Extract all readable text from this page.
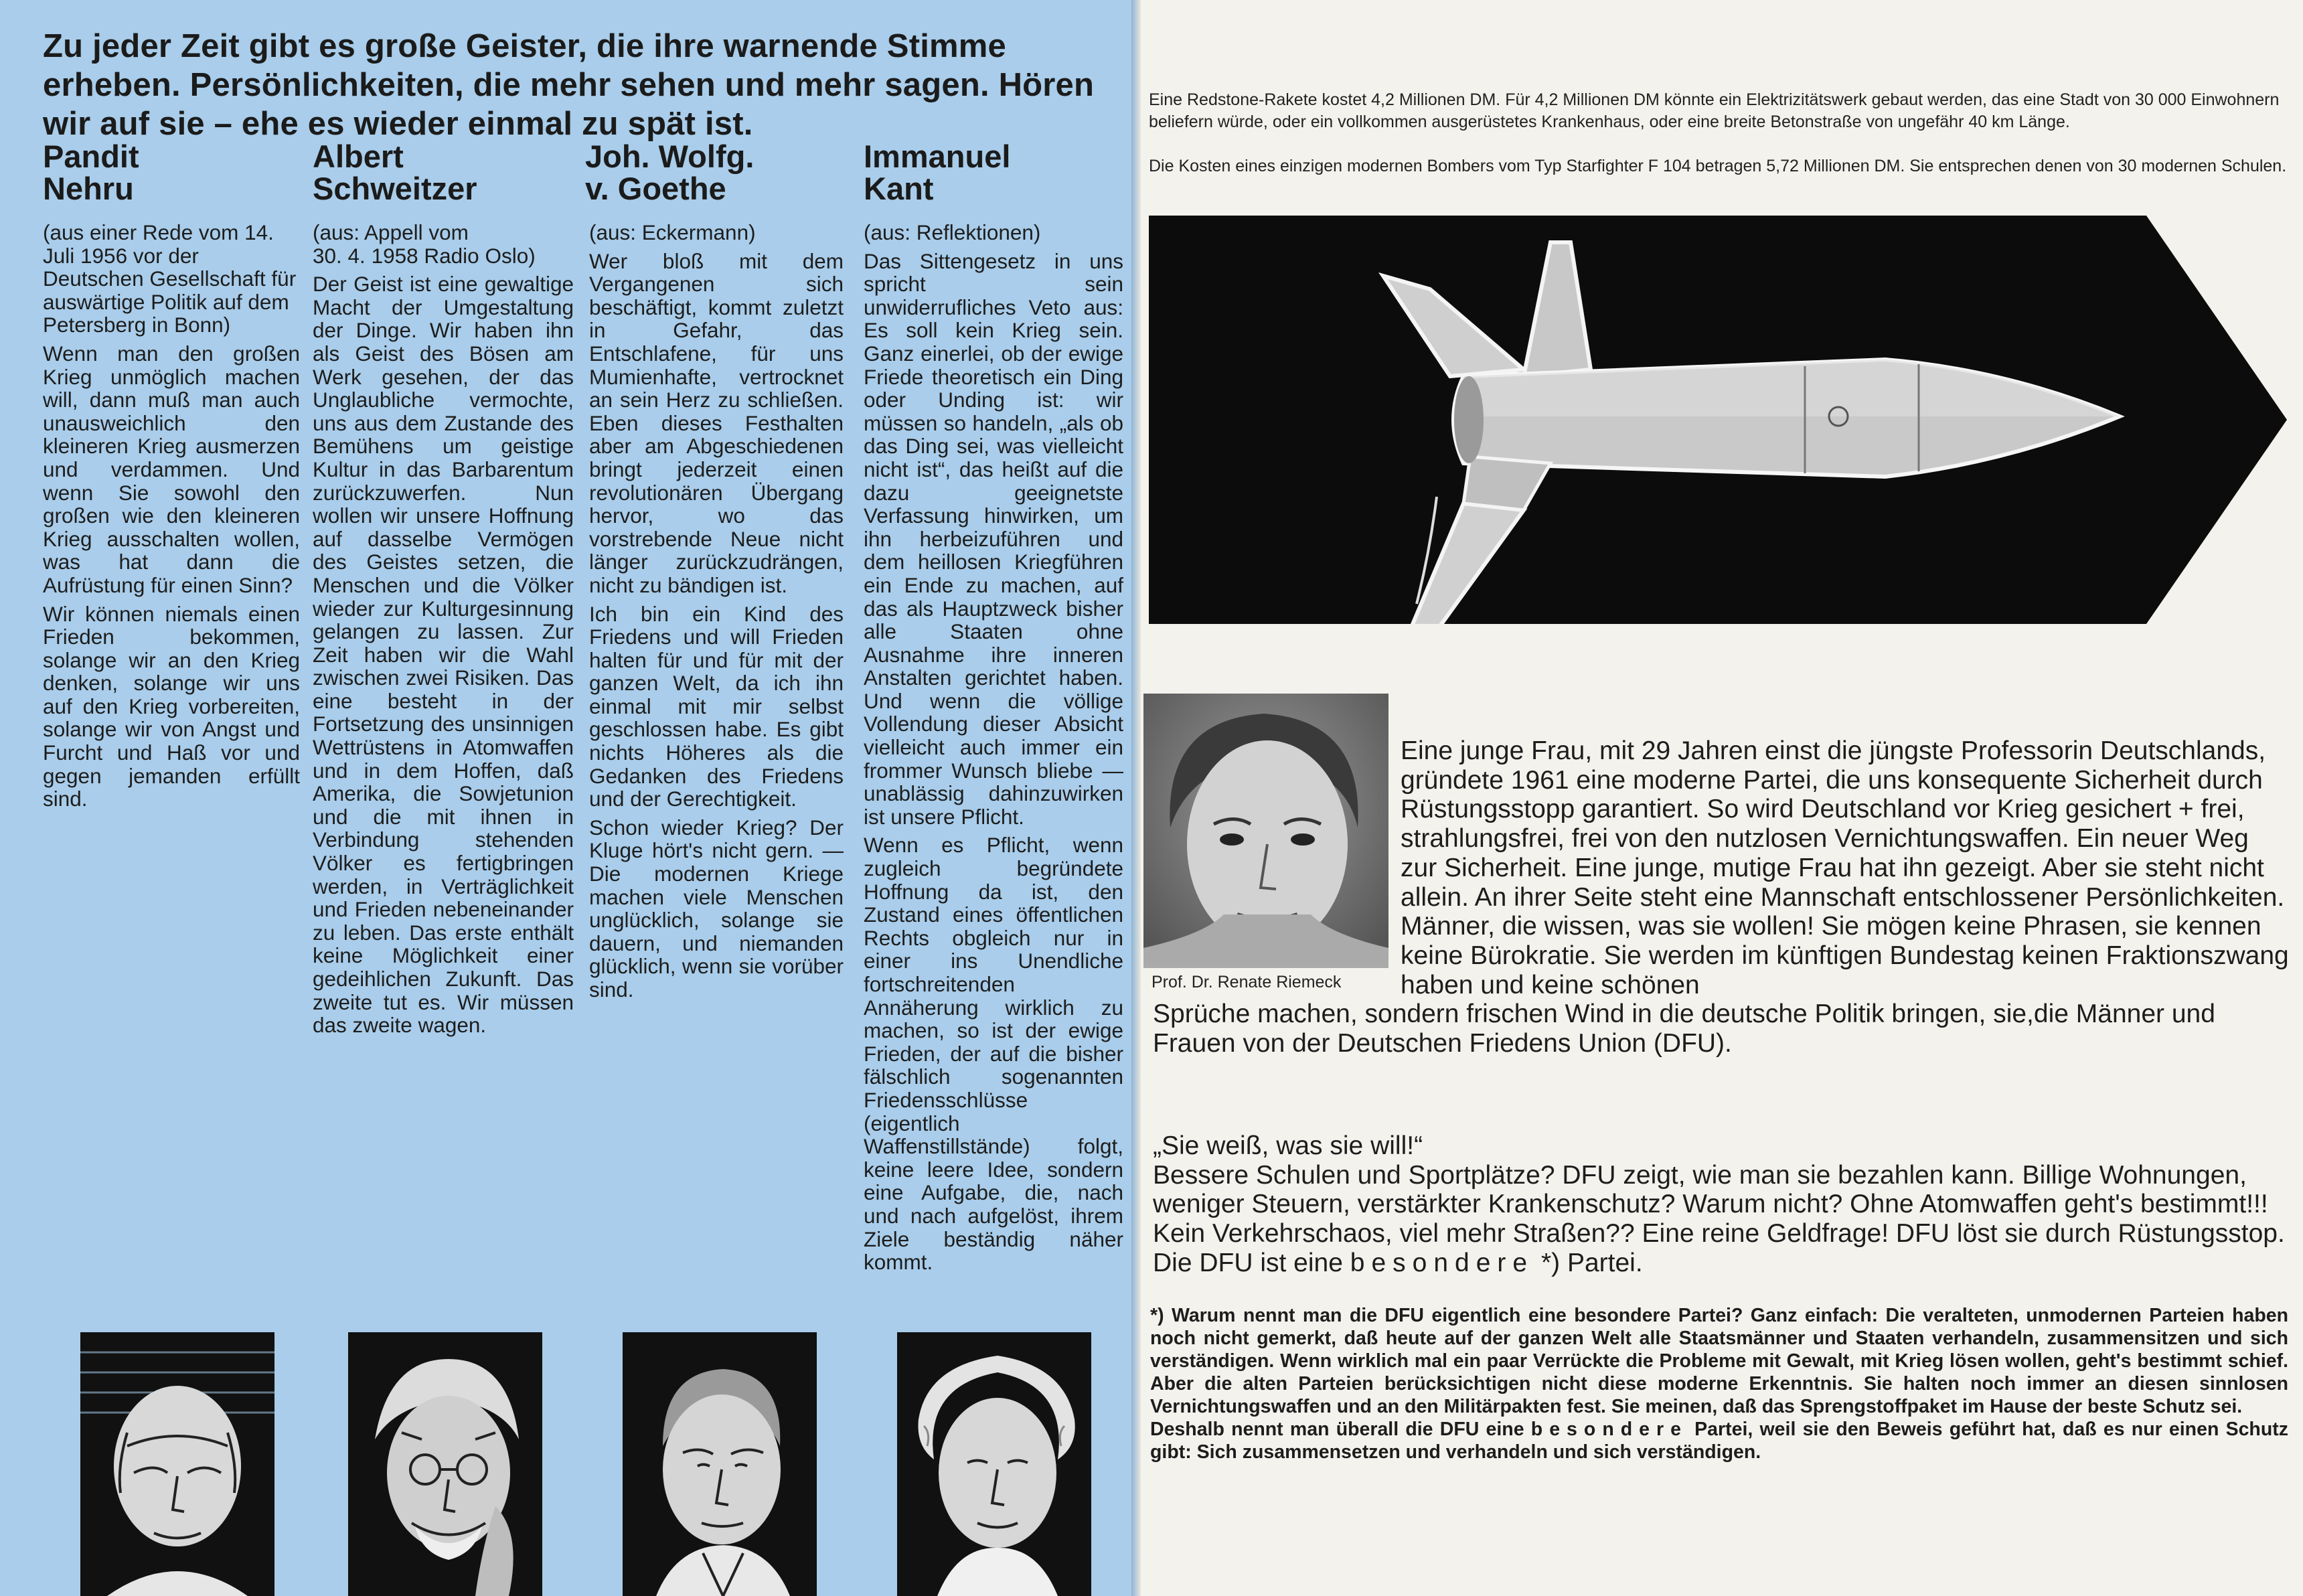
Zu jeder Zeit gibt es große Geister, die ihre warnende Stimme erheben. Persönlichkeiten, die mehr sehen und mehr sagen. Hören wir auf sie – ehe es wieder einmal zu spät ist.
Pandit
Nehru
Albert
Schweitzer
Joh. Wolfg.
v. Goethe
Immanuel
Kant

(aus einer Rede vom 14. Juli 1956 vor der Deutschen Gesellschaft für auswärtige Politik auf dem Petersberg in Bonn)

Wenn man den großen Krieg unmöglich machen will, dann muß man auch unausweichlich den kleineren Krieg ausmerzen und verdammen. Und wenn Sie sowohl den großen wie den kleineren Krieg ausschalten wollen, was hat dann die Aufrüstung für einen Sinn?

Wir können niemals einen Frieden bekommen, solange wir an den Krieg denken, solange wir uns auf den Krieg vorbereiten, solange wir von Angst und Furcht und Haß vor und gegen jemanden erfüllt sind.

(aus: Appell vom
30. 4. 1958 Radio Oslo)

Der Geist ist eine gewaltige Macht der Umgestaltung der Dinge. Wir haben ihn als Geist des Bösen am Werk gesehen, der das Unglaubliche vermochte, uns aus dem Zustande des Bemühens um geistige Kultur in das Barbarentum zurückzuwerfen. Nun wollen wir unsere Hoffnung auf dasselbe Vermögen des Geistes setzen, die Menschen und die Völker wieder zur Kulturgesinnung gelangen zu lassen. Zur Zeit haben wir die Wahl zwischen zwei Risiken. Das eine besteht in der Fortsetzung des unsinnigen Wettrüstens in Atomwaffen und in dem Hoffen, daß Amerika, die Sowjetunion und die mit ihnen in Verbindung stehenden Völker es fertigbringen werden, in Verträglichkeit und Frieden nebeneinander zu leben. Das erste enthält keine Möglichkeit einer gedeihlichen Zukunft. Das zweite tut es. Wir müssen das zweite wagen.

(aus: Eckermann)

Wer bloß mit dem Vergangenen sich beschäftigt, kommt zuletzt in Gefahr, das Entschlafene, für uns Mumienhafte, vertrocknet an sein Herz zu schließen. Eben dieses Festhalten aber am Abgeschiedenen bringt jederzeit einen revolutionären Übergang hervor, wo das vorstrebende Neue nicht länger zurückzudrängen, nicht zu bändigen ist.

Ich bin ein Kind des Friedens und will Frieden halten für und für mit der ganzen Welt, da ich ihn einmal mit mir selbst geschlossen habe. Es gibt nichts Höheres als die Gedanken des Friedens und der Gerechtigkeit.

Schon wieder Krieg? Der Kluge hört's nicht gern. — Die modernen Kriege machen viele Menschen unglücklich, solange sie dauern, und niemanden glücklich, wenn sie vorüber sind.

(aus: Reflektionen)

Das Sittengesetz in uns spricht sein unwiderrufliches Veto aus: Es soll kein Krieg sein. Ganz einerlei, ob der ewige Friede theoretisch ein Ding oder Unding ist: wir müssen so handeln, „als ob das Ding sei, was vielleicht nicht ist“, das heißt auf die dazu geeignetste Verfassung hinwirken, um ihn herbeizuführen und dem heillosen Kriegführen ein Ende zu machen, auf das als Hauptzweck bisher alle Staaten ohne Ausnahme ihre inneren Anstalten gerichtet haben. Und wenn die völlige Vollendung dieser Absicht vielleicht auch immer ein frommer Wunsch bliebe — unablässig dahinzuwirken ist unsere Pflicht.

Wenn es Pflicht, wenn zugleich begründete Hoffnung da ist, den Zustand eines öffentlichen Rechts obgleich nur in einer ins Unendliche fortschreitenden Annäherung wirklich zu machen, so ist der ewige Frieden, der auf die bisher fälschlich sogenannten Friedensschlüsse (eigentlich Waffenstillstände) folgt, keine leere Idee, sondern eine Aufgabe, die, nach und nach aufgelöst, ihrem Ziele beständig näher kommt.

Eine Redstone-Rakete kostet 4,2 Millionen DM. Für 4,2 Millionen DM könnte ein Elektrizitätswerk gebaut werden, das eine Stadt von 30 000 Einwohnern beliefern würde, oder ein vollkommen ausgerüstetes Krankenhaus, oder eine breite Betonstraße von ungefähr 40 km Länge.

Die Kosten eines einzigen modernen Bombers vom Typ Starfighter F 104 betragen 5,72 Millionen DM. Sie entsprechen denen von 30 modernen Schulen.

Prof. Dr. Renate Riemeck

Eine junge Frau, mit 29 Jahren einst die jüngste Professorin Deutschlands, gründete 1961 eine moderne Partei, die uns konsequente Sicherheit durch Rüstungsstopp garantiert. So wird Deutschland vor Krieg gesichert + frei, strahlungsfrei, frei von den nutzlosen Vernichtungswaffen. Ein neuer Weg zur Sicherheit. Eine junge, mutige Frau hat ihn gezeigt. Aber sie steht nicht allein. An ihrer Seite steht eine Mannschaft entschlossener Persönlichkeiten. Männer, die wissen, was sie wollen! Sie mögen keine Phrasen, sie kennen keine Bürokratie. Sie werden im künftigen Bundestag keinen Fraktionszwang haben und keine schönen

Sprüche machen, sondern frischen Wind in die deutsche Politik bringen, sie,die Männer und Frauen von der Deutschen Friedens Union (DFU).

„Sie weiß, was sie will!“

Bessere Schulen und Sportplätze? DFU zeigt, wie man sie bezahlen kann. Billige Wohnungen, weniger Steuern, verstärkter Krankenschutz? Warum nicht? Ohne Atomwaffen geht's bestimmt!!! Kein Verkehrschaos, viel mehr Straßen?? Eine reine Geldfrage! DFU löst sie durch Rüstungsstop.

Die DFU ist eine besondere *) Partei.

*) Warum nennt man die DFU eigentlich eine besondere Partei? Ganz einfach: Die veralteten, unmodernen Parteien haben noch nicht gemerkt, daß heute auf der ganzen Welt alle Staatsmänner und Staaten verhandeln, zusammensitzen und sich verständigen. Wenn wirklich mal ein paar Verrückte die Probleme mit Gewalt, mit Krieg lösen wollen, geht's bestimmt schief. Aber die alten Parteien berücksichtigen nicht diese moderne Erkenntnis. Sie halten noch immer an diesen sinnlosen Vernichtungswaffen und an den Militärpakten fest. Sie meinen, daß das Sprengstoffpaket im Hause der beste Schutz sei.

Deshalb nennt man überall die DFU eine besondere Partei, weil sie den Beweis geführt hat, daß es nur einen Schutz gibt: Sich zusammensetzen und verhandeln und sich verständigen.
